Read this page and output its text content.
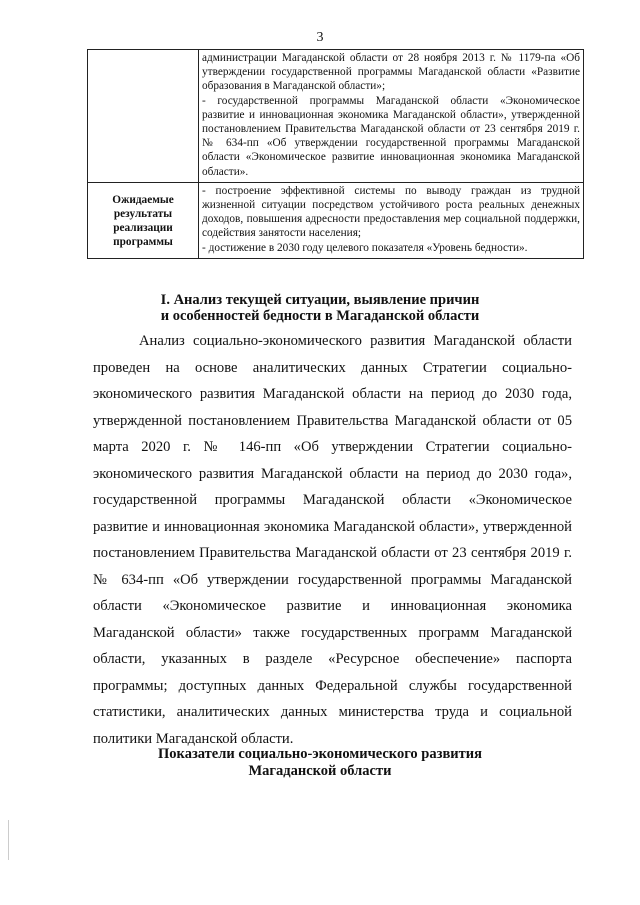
3

	администрации Магаданской области от 28 ноября 2013 г. № 1179-па «Об утверждении государственной программы Магаданской области «Развитие образования в Магаданской области»;
- государственной программы Магаданской области «Экономическое развитие и инновационная экономика Магаданской области», утвержденной постановлением Правительства Магаданской области от 23 сентября 2019 г. № 634-пп «Об утверждении государственной программы Магаданской области «Экономическое развитие инновационная экономика Магаданской области».

Ожидаемые результаты реализации программы	- построение эффективной системы по выводу граждан из трудной жизненной ситуации посредством устойчивого роста реальных денежных доходов, повышения адресности предоставления мер социальной поддержки, содействия занятости населения;
- достижение в 2030 году целевого показателя «Уровень бедности».
I. Анализ текущей ситуации, выявление причин
и особенностей бедности в Магаданской области

Анализ социально-экономического развития Магаданской области проведен на основе аналитических данных Стратегии социально-экономического развития Магаданской области на период до 2030 года, утвержденной постановлением Правительства Магаданской области от 05 марта 2020 г. № 146-пп «Об утверждении Стратегии социально-экономического развития Магаданской области на период до 2030 года», государственной программы Магаданской области «Экономическое развитие и инновационная экономика Магаданской области», утвержденной постановлением Правительства Магаданской области от 23 сентября 2019 г. № 634-пп «Об утверждении государственной программы Магаданской области «Экономическое развитие и инновационная экономика Магаданской области» также государственных программ Магаданской области, указанных в разделе «Ресурсное обеспечение» паспорта программы; доступных данных Федеральной службы государственной статистики, аналитических данных министерства труда и социальной политики Магаданской области.

Показатели социально-экономического развития
Магаданской области
